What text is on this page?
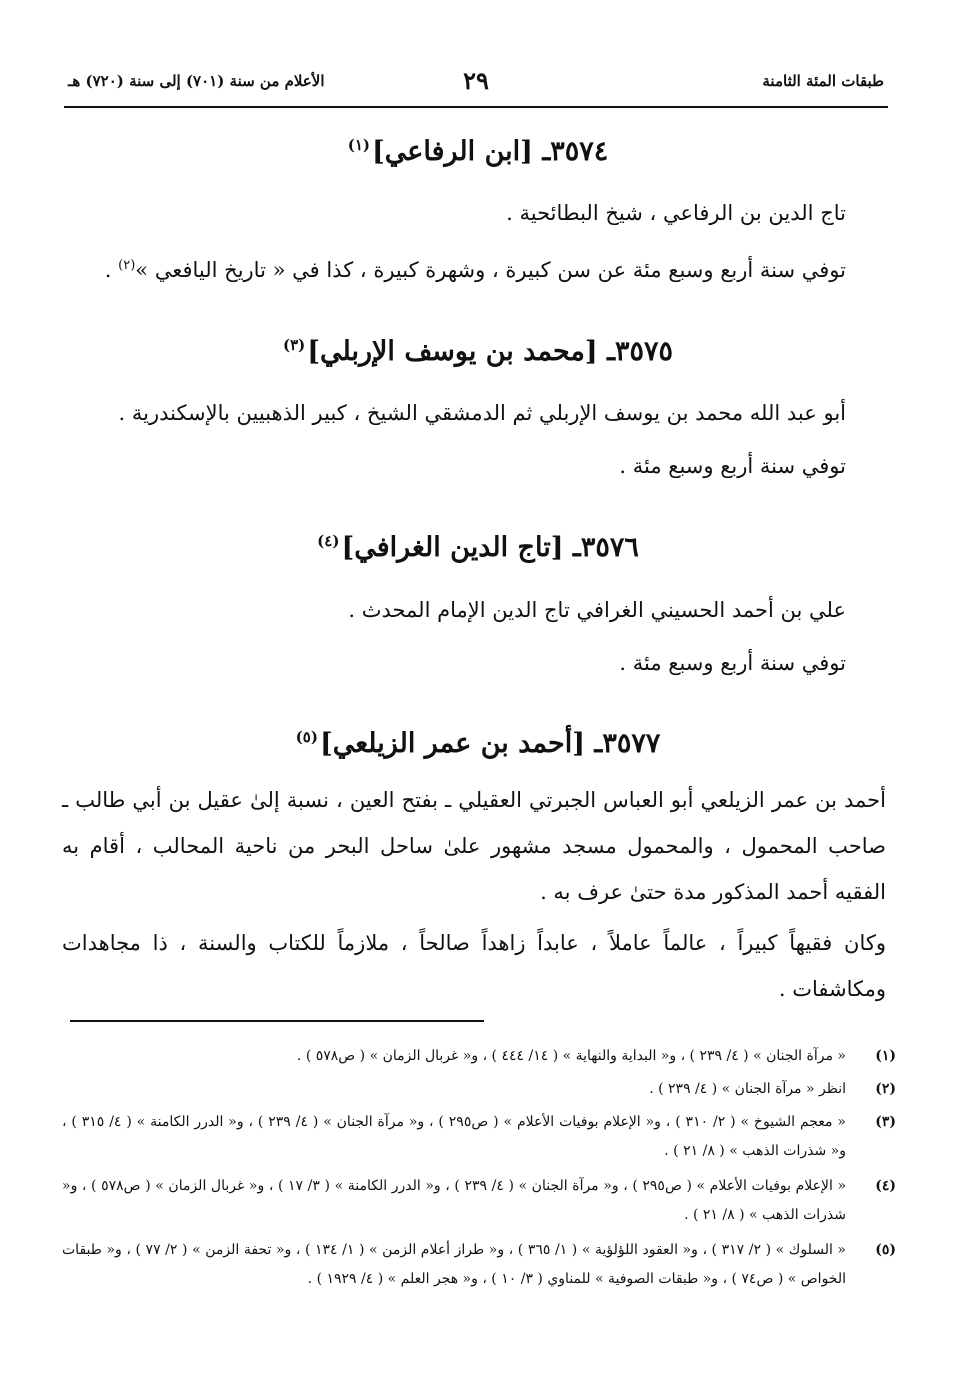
طبقات المئة الثامنة
٢٩
الأعلام من سنة (٧٠١) إلى سنة (٧٢٠) هـ
٣٥٧٤ـ [ابن الرفاعي]$^{(١)}$
تاج الدين بن الرفاعي ، شيخ البطائحية .
توفي سنة أربع وسبع مئة عن سن كبيرة ، وشهرة كبيرة ، كذا في « تاريخ اليافعي »$^{(٢)}$ .
٣٥٧٥ـ [محمد بن يوسف الإربلي]$^{(٣)}$
أبو عبد الله محمد بن يوسف الإربلي ثم الدمشقي الشيخ ، كبير الذهبيين بالإسكندرية .
توفي سنة أربع وسبع مئة .
٣٥٧٦ـ [تاج الدين الغرافي]$^{(٤)}$
علي بن أحمد الحسيني الغرافي تاج الدين الإمام المحدث .
توفي سنة أربع وسبع مئة .
٣٥٧٧ـ [أحمد بن عمر الزيلعي]$^{(٥)}$
أحمد بن عمر الزيلعي أبو العباس الجبرتي العقيلي ـ بفتح العين ، نسبة إلىٰ عقيل بن أبي طالب ـ صاحب المحمول ، والمحمول مسجد مشهور علىٰ ساحل البحر من ناحية المحالب ، أقام به الفقيه أحمد المذكور مدة حتىٰ عرف به .
وكان فقيهاً كبيراً ، عالماً عاملاً ، عابداً زاهداً صالحاً ، ملازماً للكتاب والسنة ، ذا مجاهدات ومكاشفات .
(١)
« مرآة الجنان » ( ٤/ ٢٣٩ ) ، و« البداية والنهاية » ( ١٤/ ٤٤٤ ) ، و« غربال الزمان » ( ص٥٧٨ ) .
(٢)
انظر « مرآة الجنان » ( ٤/ ٢٣٩ ) .
(٣)
« معجم الشيوخ » ( ٢/ ٣١٠ ) ، و« الإعلام بوفيات الأعلام » ( ص٢٩٥ ) ، و« مرآة الجنان » ( ٤/ ٢٣٩ ) ، و« الدرر الكامنة » ( ٤/ ٣١٥ ) ، و« شذرات الذهب » ( ٨/ ٢١ ) .
(٤)
« الإعلام بوفيات الأعلام » ( ص٢٩٥ ) ، و« مرآة الجنان » ( ٤/ ٢٣٩ ) ، و« الدرر الكامنة » ( ٣/ ١٧ ) ، و« غربال الزمان » ( ص٥٧٨ ) ، و« شذرات الذهب » ( ٨/ ٢١ ) .
(٥)
« السلوك » ( ٢/ ٣١٧ ) ، و« العقود اللؤلؤية » ( ١/ ٣٦٥ ) ، و« طراز أعلام الزمن » ( ١/ ١٣٤ ) ، و« تحفة الزمن » ( ٢/ ٧٧ ) ، و« طبقات الخواص » ( ص٧٤ ) ، و« طبقات الصوفية » للمناوي ( ٣/ ١٠ ) ، و« هجر العلم » ( ٤/ ١٩٢٩ ) .
